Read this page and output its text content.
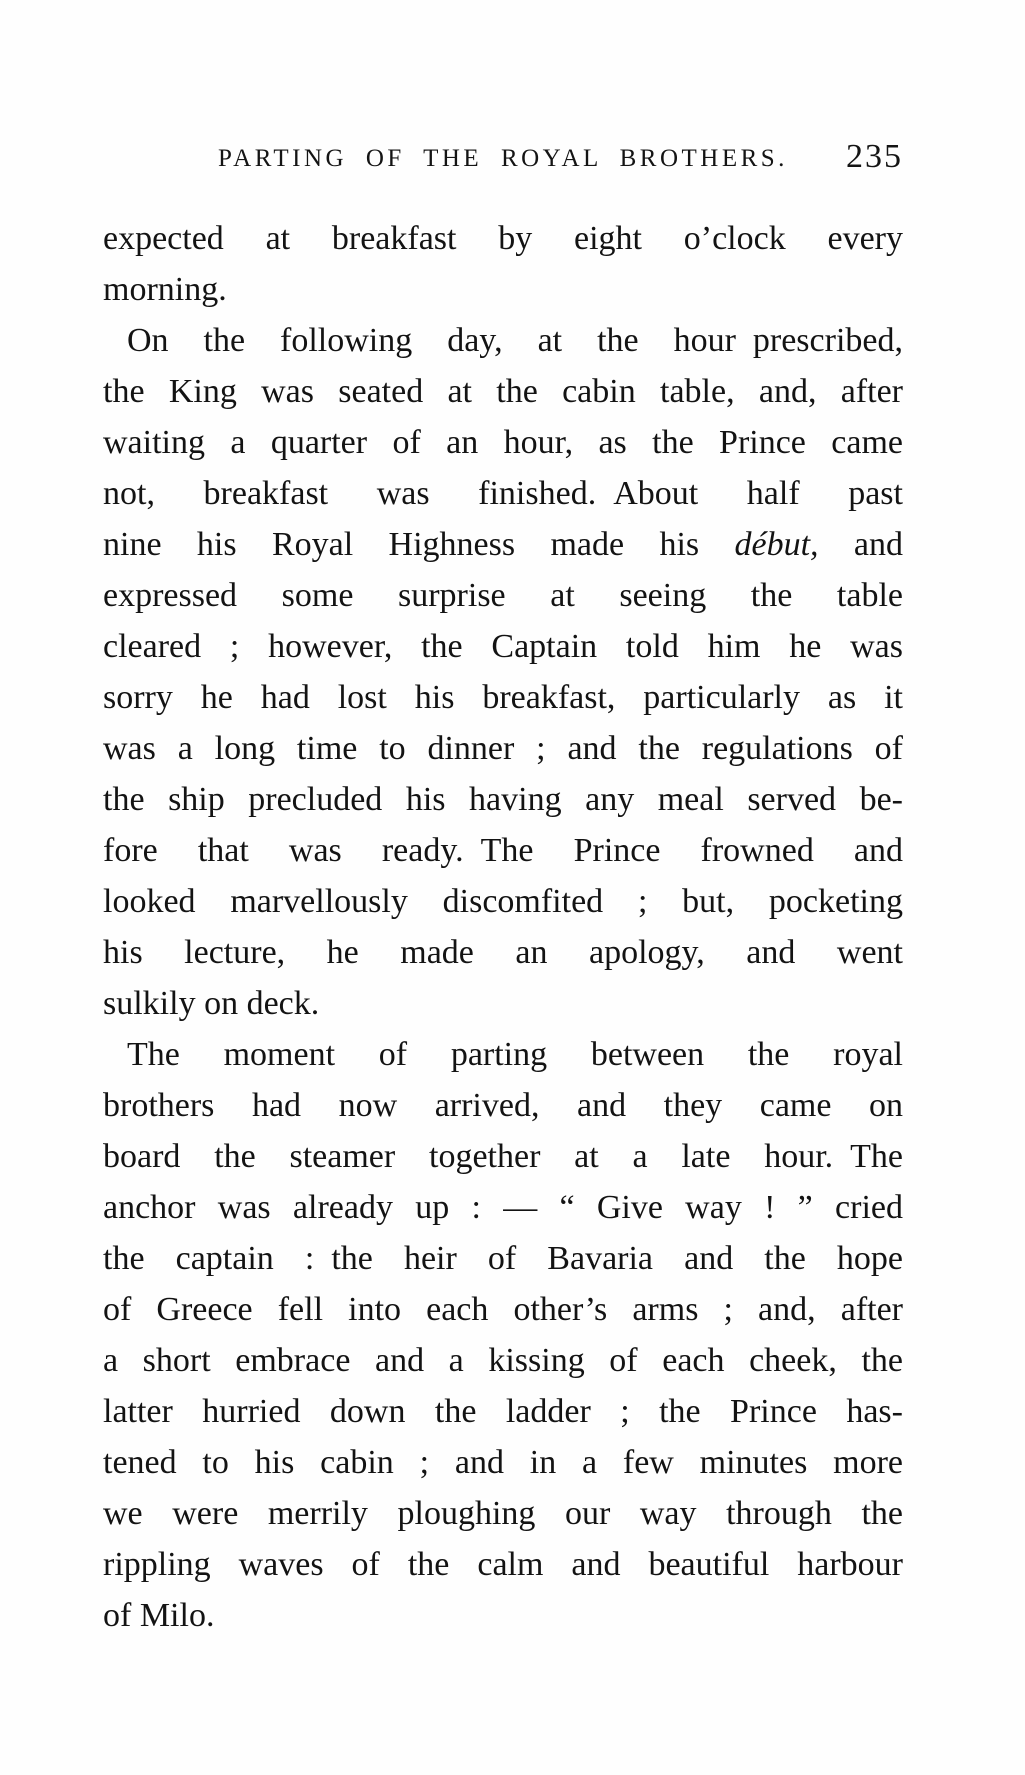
PARTING OF THE ROYAL BROTHERS.	235
expected at breakfast by eight o’clock every
morning.
On the following day, at the hour prescribed,
the King was seated at the cabin table, and, after
waiting a quarter of an hour, as the Prince came
not, breakfast was finished. About half past
nine his Royal Highness made his début, and
expressed some surprise at seeing the table
cleared ; however, the Captain told him he was
sorry he had lost his breakfast, particularly as it
was a long time to dinner ; and the regulations of
the ship precluded his having any meal served be-
fore that was ready. The Prince frowned and
looked marvellously discomfited ; but, pocketing
his lecture, he made an apology, and went
sulkily on deck.
The moment of parting between the royal
brothers had now arrived, and they came on
board the steamer together at a late hour. The
anchor was already up : — “ Give way ! ” cried
the captain : the heir of Bavaria and the hope
of Greece fell into each other’s arms ; and, after
a short embrace and a kissing of each cheek, the
latter hurried down the ladder ; the Prince has-
tened to his cabin ; and in a few minutes more
we were merrily ploughing our way through the
rippling waves of the calm and beautiful harbour
of Milo.
